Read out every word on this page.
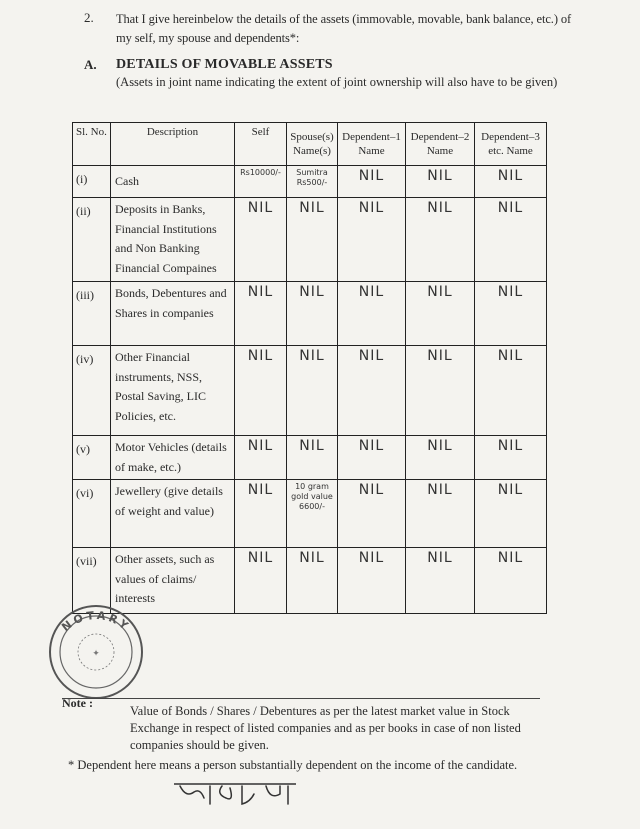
2. That I give hereinbelow the details of the assets (immovable, movable, bank balance, etc.) of my self, my spouse and dependents*:
A. DETAILS OF MOVABLE ASSETS
(Assets in joint name indicating the extent of joint ownership will also have to be given)
Sl. No.	Description	Self	Spouse(s) Name(s)	Dependent–1 Name	Dependent–2 Name	Dependent–3 etc. Name
(i)	Cash	Rs10000/-	Sumitra Rs500/-	NIL	NIL	NIL
(ii)	Deposits in Banks, Financial Institutions and Non Banking Financial Compaines	NIL	NIL	NIL	NIL	NIL
(iii)	Bonds, Debentures and Shares in companies	NIL	NIL	NIL	NIL	NIL
(iv)	Other Financial instruments, NSS, Postal Saving, LIC Policies, etc.	NIL	NIL	NIL	NIL	NIL
(v)	Motor Vehicles (details of make, etc.)	NIL	NIL	NIL	NIL	NIL
(vi)	Jewellery (give details of weight and value)	NIL	10 gram gold value 6600/-	NIL	NIL	NIL
(vii)	Other assets, such as values of claims/ interests	NIL	NIL	NIL	NIL	NIL
NOTARY
✦
Note :
Value of Bonds / Shares / Debentures as per the latest market value in Stock Exchange in respect of listed companies and as per books in case of non listed companies should be given.
* Dependent here means a person substantially dependent on the income of the candidate.
